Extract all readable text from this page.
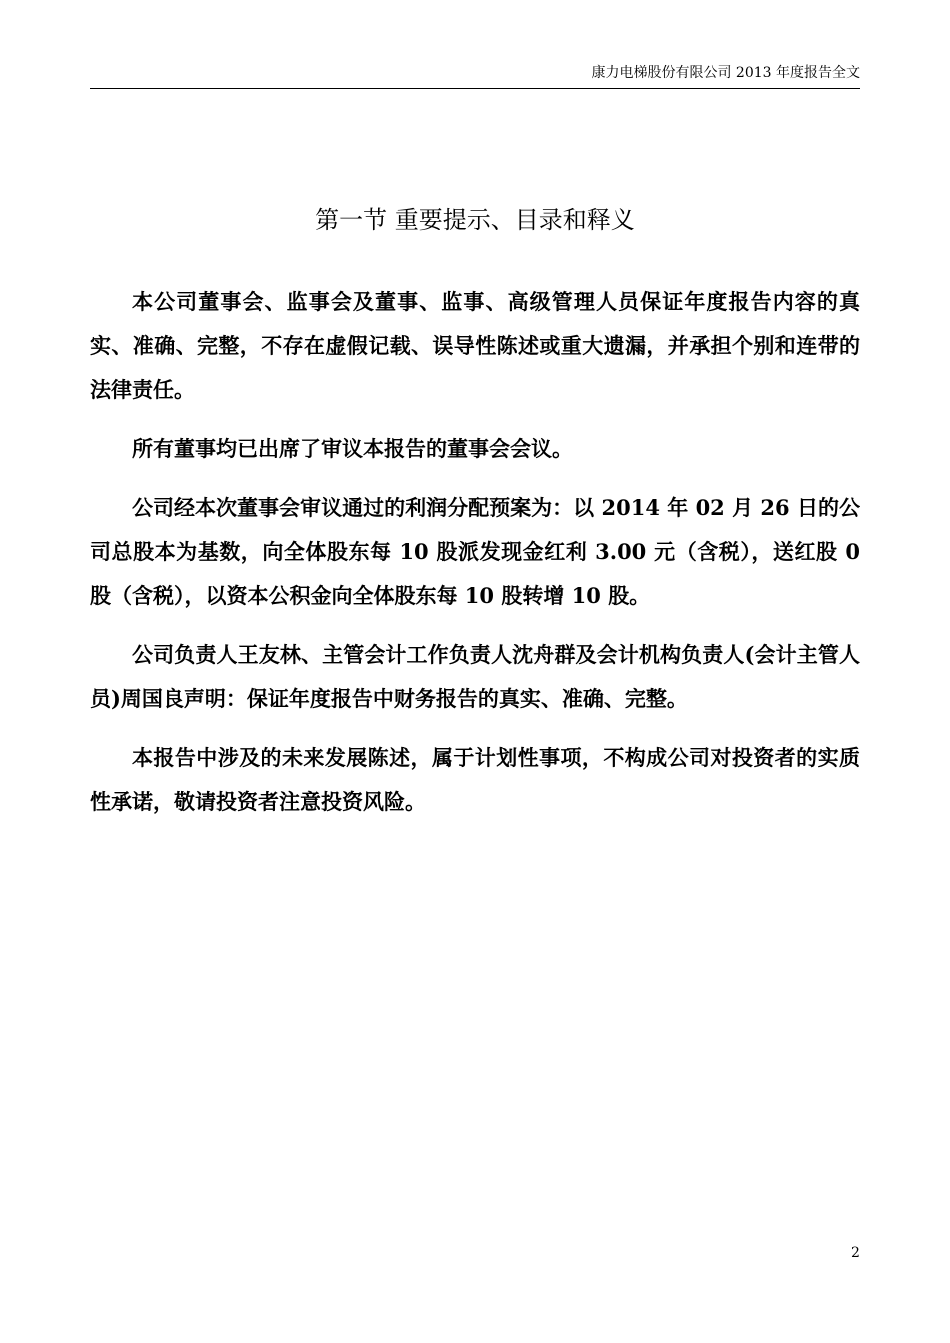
康力电梯股份有限公司 2013 年度报告全文
第一节 重要提示、目录和释义

本公司董事会、监事会及董事、监事、高级管理人员保证年度报告内容的真实、准确、完整，不存在虚假记载、误导性陈述或重大遗漏，并承担个别和连带的法律责任。

所有董事均已出席了审议本报告的董事会会议。

公司经本次董事会审议通过的利润分配预案为：以 2014 年 02 月 26 日的公司总股本为基数，向全体股东每 10 股派发现金红利 3.00 元（含税），送红股 0 股（含税），以资本公积金向全体股东每 10 股转增 10 股。

公司负责人王友林、主管会计工作负责人沈舟群及会计机构负责人(会计主管人员)周国良声明：保证年度报告中财务报告的真实、准确、完整。

本报告中涉及的未来发展陈述，属于计划性事项，不构成公司对投资者的实质性承诺，敬请投资者注意投资风险。

2
